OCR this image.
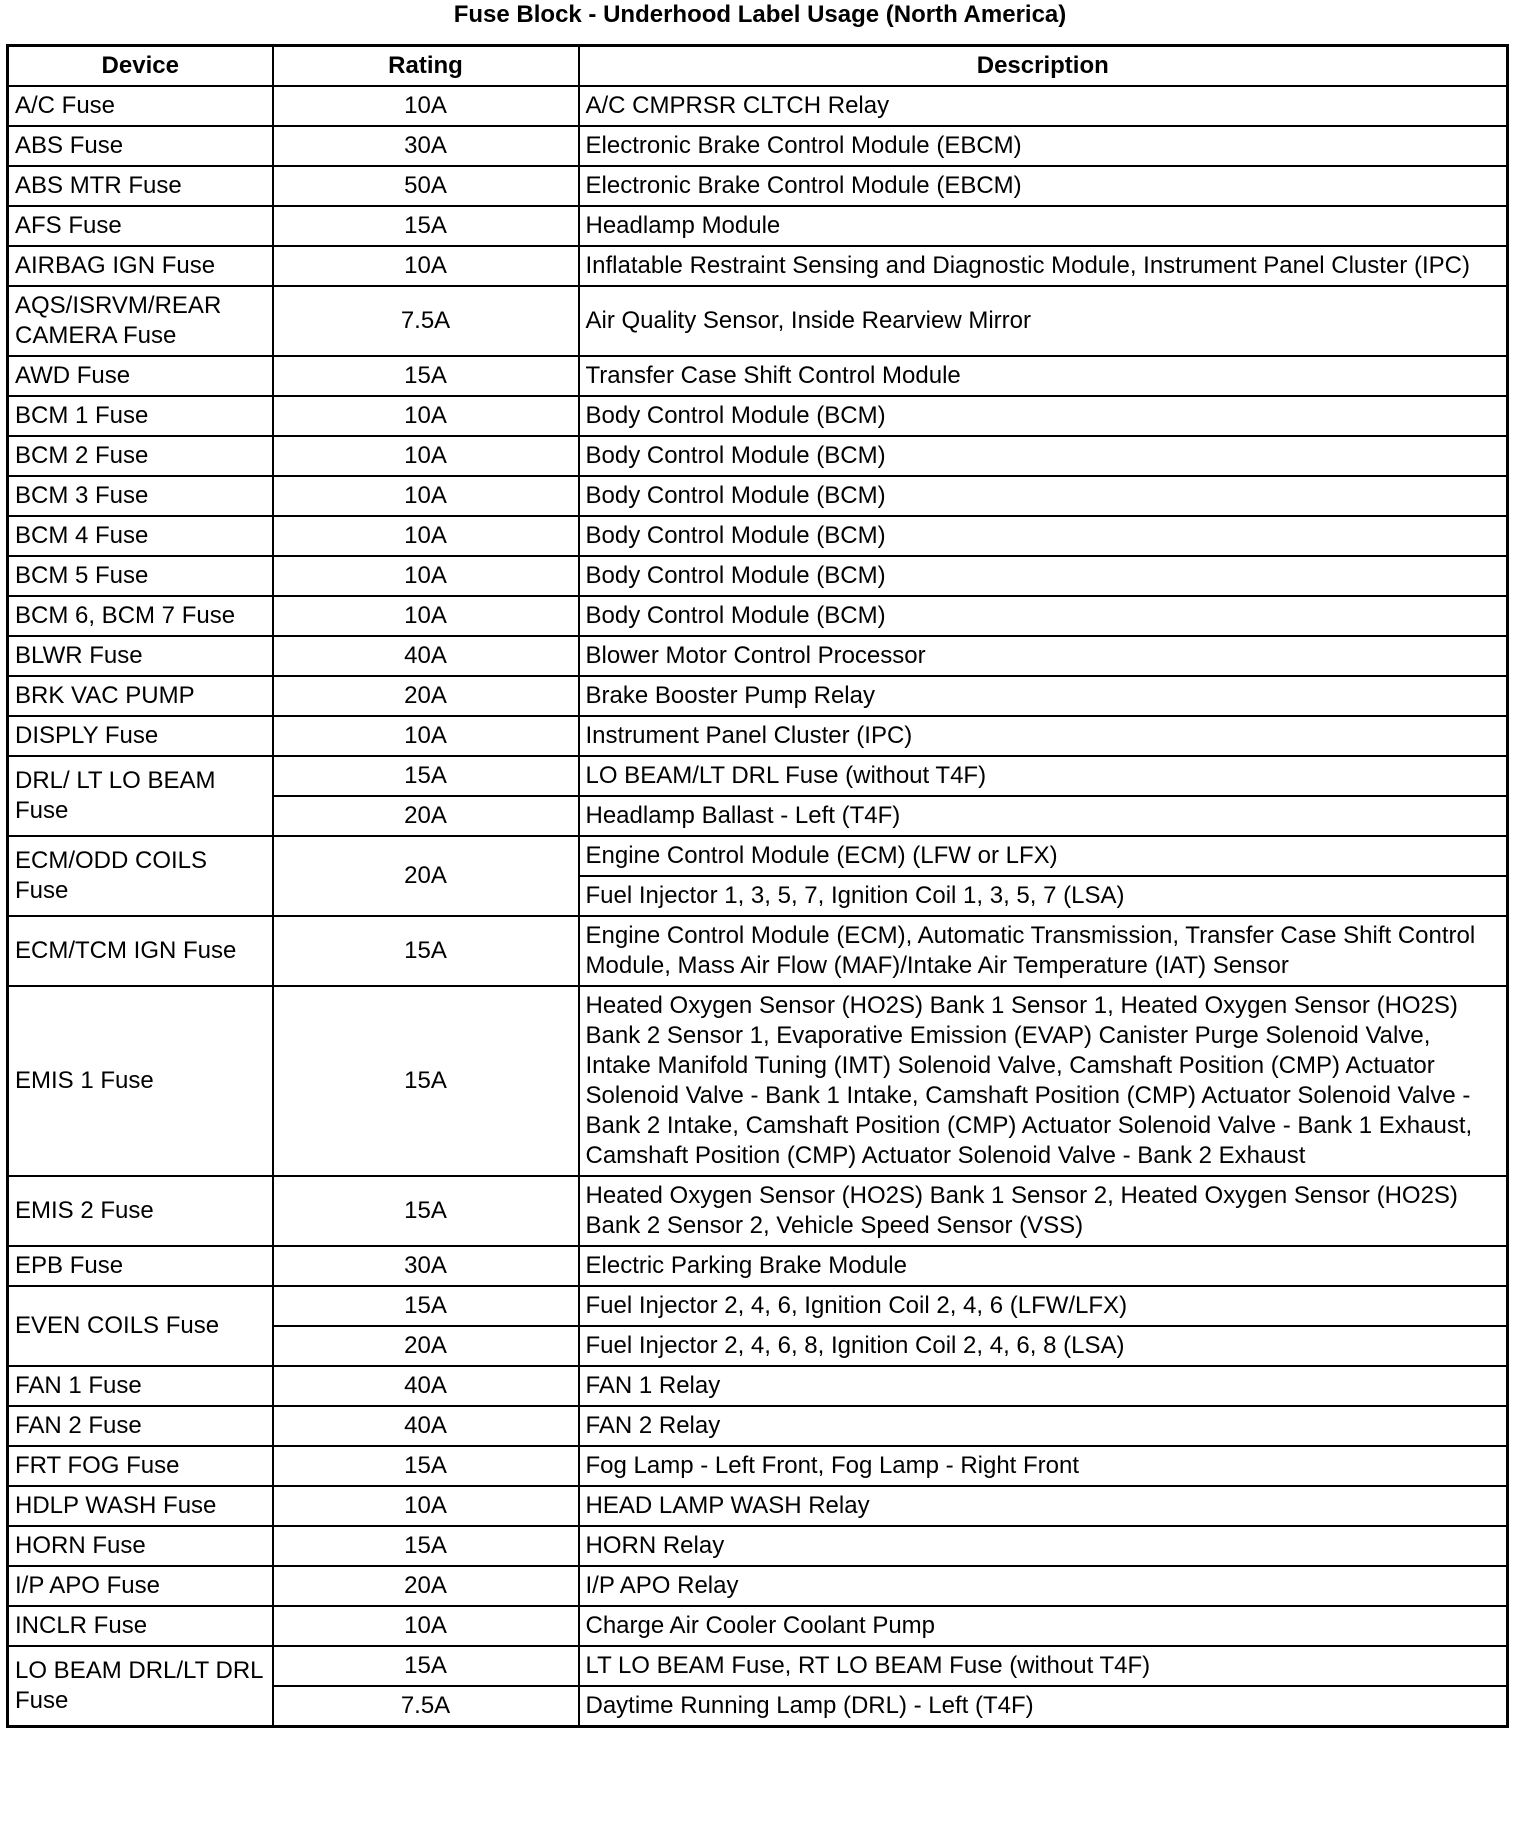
Fuse Block - Underhood Label Usage (North America)
Device	Rating	Description
A/C Fuse	10A	A/C CMPRSR CLTCH Relay
ABS Fuse	30A	Electronic Brake Control Module (EBCM)
ABS MTR Fuse	50A	Electronic Brake Control Module (EBCM)
AFS Fuse	15A	Headlamp Module
AIRBAG IGN Fuse	10A	Inflatable Restraint Sensing and Diagnostic Module, Instrument Panel Cluster (IPC)
AQS/ISRVM/REAR CAMERA Fuse	7.5A	Air Quality Sensor, Inside Rearview Mirror
AWD Fuse	15A	Transfer Case Shift Control Module
BCM 1 Fuse	10A	Body Control Module (BCM)
BCM 2 Fuse	10A	Body Control Module (BCM)
BCM 3 Fuse	10A	Body Control Module (BCM)
BCM 4 Fuse	10A	Body Control Module (BCM)
BCM 5 Fuse	10A	Body Control Module (BCM)
BCM 6, BCM 7 Fuse	10A	Body Control Module (BCM)
BLWR Fuse	40A	Blower Motor Control Processor
BRK VAC PUMP	20A	Brake Booster Pump Relay
DISPLY Fuse	10A	Instrument Panel Cluster (IPC)
DRL/ LT LO BEAM Fuse	15A	LO BEAM/LT DRL Fuse (without T4F)
	20A	Headlamp Ballast - Left (T4F)
ECM/ODD COILS Fuse	20A	Engine Control Module (ECM) (LFW or LFX)
		Fuel Injector 1, 3, 5, 7, Ignition Coil 1, 3, 5, 7 (LSA)
ECM/TCM IGN Fuse	15A	Engine Control Module (ECM), Automatic Transmission, Transfer Case Shift Control Module, Mass Air Flow (MAF)/Intake Air Temperature (IAT) Sensor
EMIS 1 Fuse	15A	Heated Oxygen Sensor (HO2S) Bank 1 Sensor 1, Heated Oxygen Sensor (HO2S) Bank 2 Sensor 1, Evaporative Emission (EVAP) Canister Purge Solenoid Valve, Intake Manifold Tuning (IMT) Solenoid Valve, Camshaft Position (CMP) Actuator Solenoid Valve - Bank 1 Intake, Camshaft Position (CMP) Actuator Solenoid Valve - Bank 2 Intake, Camshaft Position (CMP) Actuator Solenoid Valve - Bank 1 Exhaust, Camshaft Position (CMP) Actuator Solenoid Valve - Bank 2 Exhaust
EMIS 2 Fuse	15A	Heated Oxygen Sensor (HO2S) Bank 1 Sensor 2, Heated Oxygen Sensor (HO2S) Bank 2 Sensor 2, Vehicle Speed Sensor (VSS)
EPB Fuse	30A	Electric Parking Brake Module
EVEN COILS Fuse	15A	Fuel Injector 2, 4, 6, Ignition Coil 2, 4, 6 (LFW/LFX)
	20A	Fuel Injector 2, 4, 6, 8, Ignition Coil 2, 4, 6, 8 (LSA)
FAN 1 Fuse	40A	FAN 1 Relay
FAN 2 Fuse	40A	FAN 2 Relay
FRT FOG Fuse	15A	Fog Lamp - Left Front, Fog Lamp - Right Front
HDLP WASH Fuse	10A	HEAD LAMP WASH Relay
HORN Fuse	15A	HORN Relay
I/P APO Fuse	20A	I/P APO Relay
INCLR Fuse	10A	Charge Air Cooler Coolant Pump
LO BEAM DRL/LT DRL Fuse	15A	LT LO BEAM Fuse, RT LO BEAM Fuse (without T4F)
	7.5A	Daytime Running Lamp (DRL) - Left (T4F)
